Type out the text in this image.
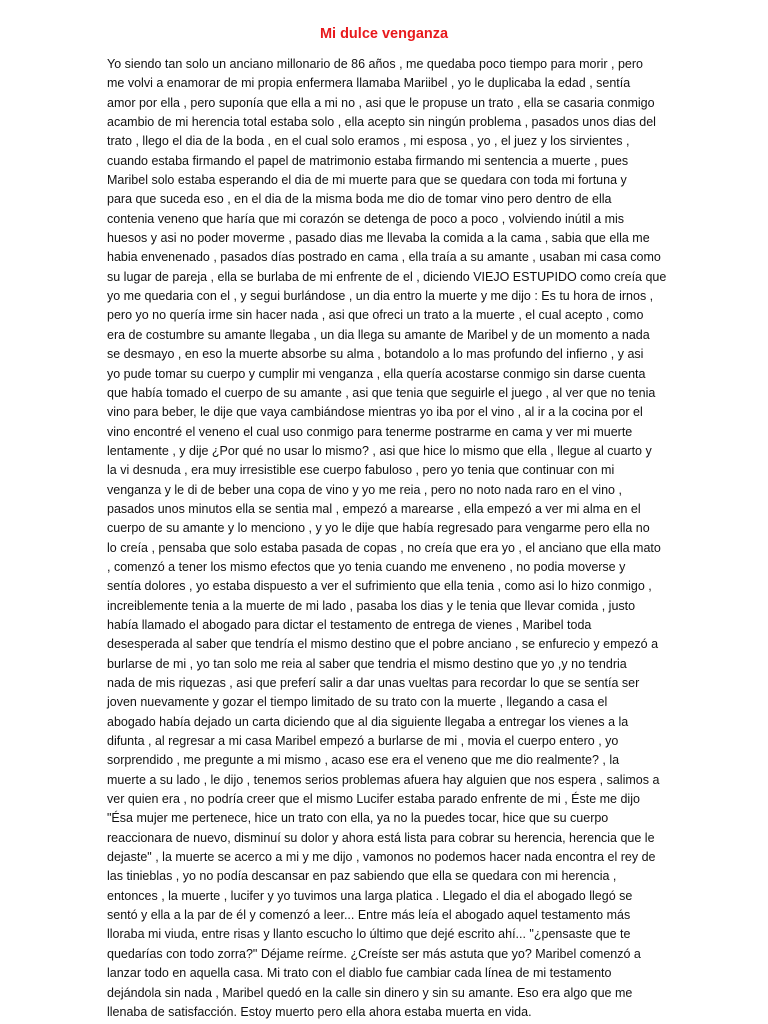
Mi dulce venganza
Yo siendo tan solo un anciano millonario de 86 años , me quedaba poco tiempo para morir , pero
me volvi a enamorar de mi propia enfermera llamaba Mariibel , yo le duplicaba la edad , sentía
amor por ella , pero suponía que ella a mi no , asi que le propuse un trato , ella se casaria conmigo
acambio de mi herencia total estaba solo , ella acepto sin ningún problema , pasados unos dias del
trato , llego el dia de la boda , en el cual solo eramos , mi esposa , yo , el juez y los sirvientes ,
cuando estaba firmando el papel de matrimonio estaba firmando mi sentencia a muerte , pues
Maribel solo estaba esperando el dia de mi muerte para que se quedara con toda mi fortuna y
para que suceda eso , en el dia de la misma boda me dio de tomar vino pero dentro de ella
contenia veneno que haría que mi corazón se detenga de poco a poco , volviendo inútil a mis
huesos y asi no poder moverme , pasado dias me llevaba la comida a la cama , sabia que ella me
habia envenenado , pasados días postrado en cama , ella traía a su amante , usaban mi casa como
su lugar de pareja , ella se burlaba de mi enfrente de el , diciendo VIEJO ESTUPIDO como creía que
yo me quedaria con el , y segui burlándose , un dia entro la muerte y me dijo : Es tu hora de irnos ,
pero yo no quería irme sin hacer nada , asi que ofreci un trato a la muerte , el cual acepto , como
era de costumbre su amante llegaba , un dia llega su amante de Maribel y de un momento a nada
se desmayo , en eso la muerte absorbe su alma , botandolo a lo mas profundo del infierno , y asi
yo pude tomar su cuerpo y cumplir mi venganza , ella quería acostarse conmigo sin darse cuenta
que había tomado el cuerpo de su amante , asi que tenia que seguirle el juego , al ver que no tenia
vino para beber, le dije que vaya cambiándose mientras yo iba por el vino , al ir a la cocina por el
vino encontré el veneno el cual uso conmigo para tenerme postrarme en cama y ver mi muerte
lentamente , y dije ¿Por qué no usar lo mismo? , asi que hice lo mismo que ella , llegue al cuarto y
la vi desnuda , era muy irresistible ese cuerpo fabuloso , pero yo tenia que continuar con mi
venganza y le di de beber una copa de vino y yo me reia , pero no noto nada raro en el vino ,
pasados unos minutos ella se sentia mal , empezó a marearse , ella empezó a ver mi alma en el
cuerpo de su amante y lo menciono , y yo le dije que había regresado para vengarme pero ella no
lo creía , pensaba que solo estaba pasada de copas , no creía que era yo , el anciano que ella mato
, comenzó a tener los mismo efectos que yo tenia cuando me enveneno , no podia moverse y
sentía dolores , yo estaba dispuesto a ver el sufrimiento que ella tenia , como asi lo hizo conmigo ,
increiblemente tenia a la muerte de mi lado , pasaba los dias y le tenia que llevar comida , justo
había llamado el abogado para dictar el testamento de entrega de vienes , Maribel toda
desesperada al saber que tendría el mismo destino que el pobre anciano , se enfurecio y empezó a
burlarse de mi , yo tan solo me reia al saber que tendria el mismo destino que yo ,y no tendria
nada de mis riquezas , asi que preferí salir a dar unas vueltas para recordar lo que se sentía ser
joven nuevamente y gozar el tiempo limitado de su trato con la muerte , llegando a casa el
abogado había dejado un carta diciendo que al dia siguiente llegaba a entregar los vienes a la
difunta , al regresar a mi casa Maribel empezó a burlarse de mi , movia el cuerpo entero , yo
sorprendido , me pregunte a mi mismo , acaso ese era el veneno que me dio realmente? , la
muerte a su lado , le dijo , tenemos serios problemas afuera hay alguien que nos espera , salimos a
ver quien era , no podría creer que el mismo Lucifer estaba parado enfrente de mi , Éste me dijo
"Ésa mujer me pertenece, hice un trato con ella, ya no la puedes tocar, hice que su cuerpo
reaccionara de nuevo, disminuí su dolor y ahora está lista para cobrar su herencia, herencia que le
dejaste" , la muerte se acerco a mi y me dijo , vamonos no podemos hacer nada encontra el rey de
las tinieblas , yo no podía descansar en paz sabiendo que ella se quedara con mi herencia ,
entonces , la muerte , lucifer y yo tuvimos una larga platica . Llegado el dia el abogado llegó se
sentó y ella a la par de él y comenzó a leer... Entre más leía el abogado aquel testamento más
lloraba mi viuda, entre risas y llanto escucho lo último que dejé escrito ahí... "¿pensaste que te
quedarías con todo zorra?" Déjame reírme. ¿Creíste ser más astuta que yo? Maribel comenzó a
lanzar todo en aquella casa. Mi trato con el diablo fue cambiar cada línea de mi testamento
dejándola sin nada , Maribel quedó en la calle sin dinero y sin su amante. Eso era algo que me
llenaba de satisfacción. Estoy muerto pero ella ahora estaba muerta en vida.
